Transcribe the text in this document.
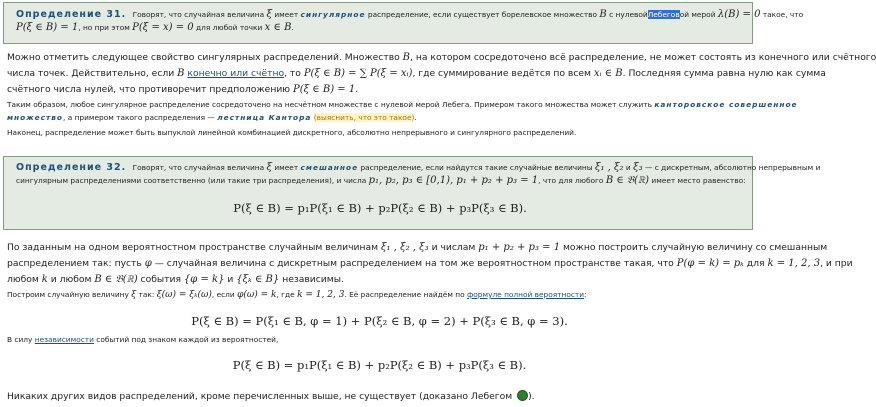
Определение 31. Говорят, что случайная величина ξ имеет сингулярное распределение, если существует борелевское множество B с нулевойЛебеговой мерой λ(B) = 0 такое, что
P(ξ ∈ B) = 1, но при этом P(ξ = x) = 0 для любой точки x ∈ B.
Можно отметить следующее свойство сингулярных распределений. Множество B, на котором сосредоточено всё распределение, не может состоять из конечного или счётного
числа точек. Действительно, если B конечно или счётно, то P(ξ ∈ B) = ∑ P(ξ = xᵢ), где суммирование ведётся по всем xᵢ ∈ B. Последняя сумма равна нулю как сумма
счётного числа нулей, что противоречит предположению P(ξ ∈ B) = 1.
Таким образом, любое сингулярное распределение сосредоточено на несчётном множестве с нулевой мерой Лебега. Примером такого множества может служить канторовское совершенное
множество, а примером такого распределения — лестница Кантора (выяснить, что это такое).
Наконец, распределение может быть выпуклой линейной комбинацией дискретного, абсолютно непрерывного и сингулярного распределений.
Определение 32. Говорят, что случайная величина ξ имеет смешанное распределение, если найдутся такие случайные величины ξ₁ , ξ₂ и ξ₃ — с дискретным, абсолютно непрерывным и
сингулярным распределениями соответственно (или такие три распределения), и числа p₁, p₂, p₃ ∈ [0,1), p₁ + p₂ + p₃ = 1, что для любого B ∈ 𝔅(ℝ) имеет место равенство:
P(ξ ∈ B) = p₁P(ξ₁ ∈ B) + p₂P(ξ₂ ∈ B) + p₃P(ξ₃ ∈ B).
По заданным на одном вероятностном пространстве случайным величинам ξ₁ , ξ₂ , ξ₃ и числам p₁ + p₂ + p₃ = 1 можно построить случайную величину со смешанным
распределением так: пусть φ — случайная величина с дискретным распределением на том же вероятностном пространстве такая, что P(φ = k) = pₖ для k = 1, 2, 3, и при
любом k и любом B ∈ 𝔅(ℝ) события {φ = k} и {ξₖ ∈ B} независимы.
Построим случайную величину ξ так: ξ(ω) = ξₖ(ω), если φ(ω) = k, где k = 1, 2, 3. Её распределение найдём по формуле полной вероятности:
P(ξ ∈ B) = P(ξ₁ ∈ B, φ = 1) + P(ξ₂ ∈ B, φ = 2) + P(ξ₃ ∈ B, φ = 3).
В силу независимости событий под знаком каждой из вероятностей,
P(ξ ∈ B) = p₁P(ξ₁ ∈ B) + p₂P(ξ₂ ∈ B) + p₃P(ξ₃ ∈ B).
Никаких других видов распределений, кроме перечисленных выше, не существует (доказано Лебегом ).
